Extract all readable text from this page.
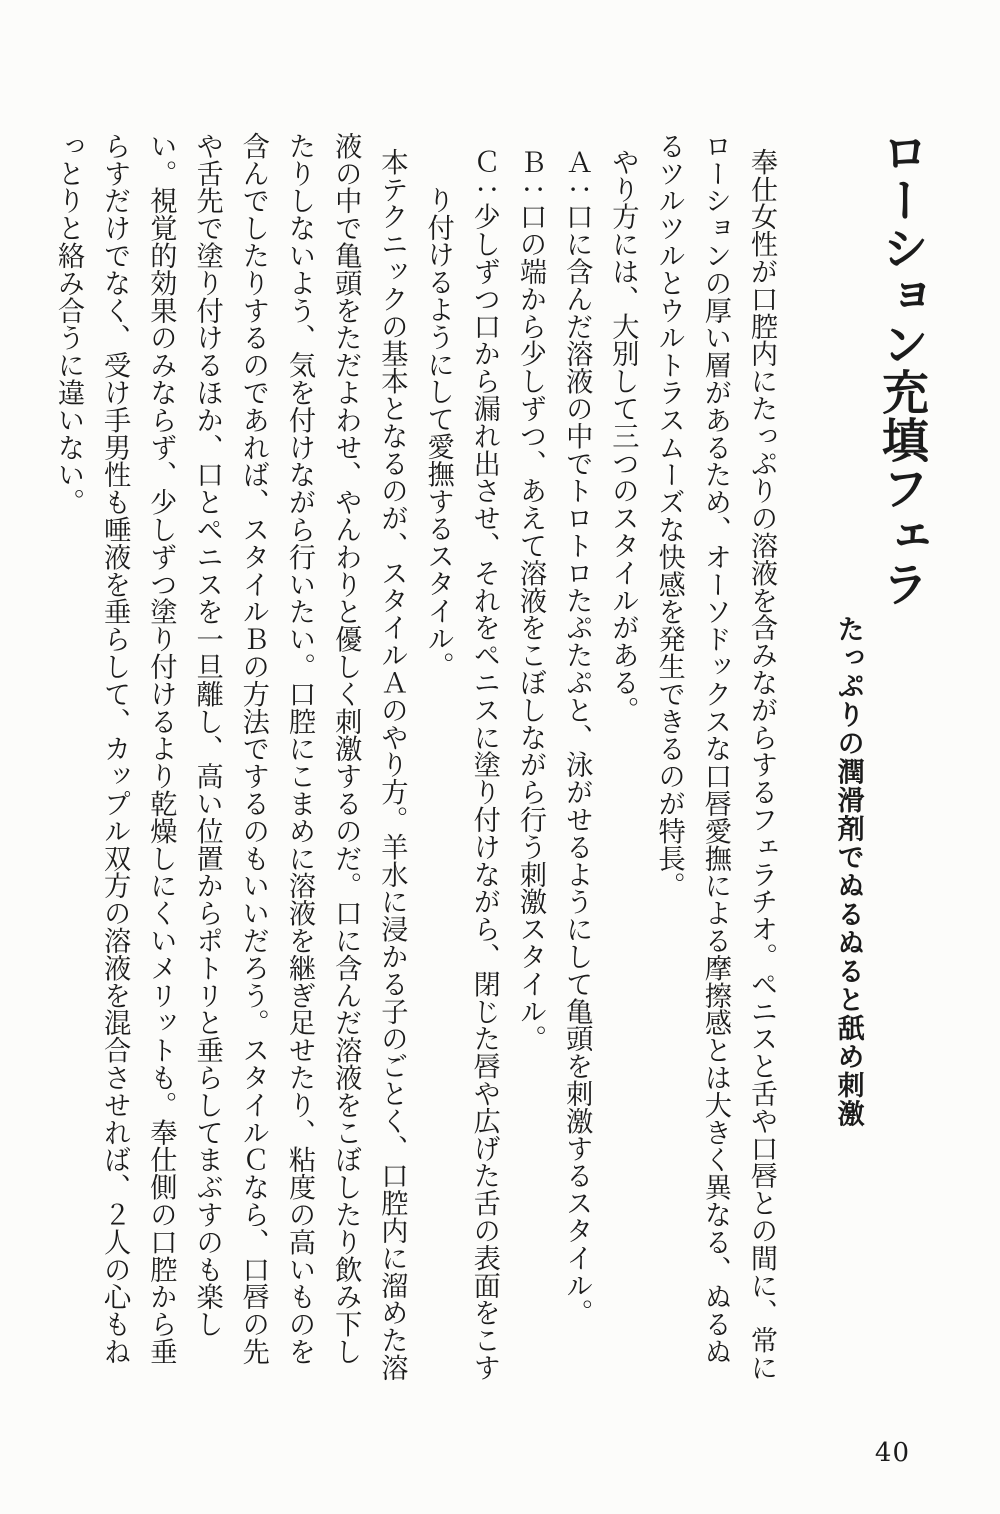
ローション充填フェラ
たっぷりの潤滑剤でぬるぬると舐め刺激

奉仕女性が口腔内にたっぷりの溶液を含みながらするフェラチオ。ペニスと舌や口唇との間に、常にローションの厚い層があるため、オーソドックスな口唇愛撫による摩擦感とは大きく異なる、ぬるぬるツルツルとウルトラスムーズな快感を発生できるのが特長。

やり方には、大別して三つのスタイルがある。

Ａ：口に含んだ溶液の中でトロトロたぷたぷと、泳がせるようにして亀頭を刺激するスタイル。

Ｂ：口の端から少しずつ、あえて溶液をこぼしながら行う刺激スタイル。

Ｃ：少しずつ口から漏れ出させ、それをペニスに塗り付けながら、閉じた唇や広げた舌の表面をこすり付けるようにして愛撫するスタイル。

本テクニックの基本となるのが、スタイルＡのやり方。羊水に浸かる子のごとく、口腔内に溜めた溶液の中で亀頭をただよわせ、やんわりと優しく刺激するのだ。口に含んだ溶液をこぼしたり飲み下したりしないよう、気を付けながら行いたい。口腔にこまめに溶液を継ぎ足せたり、粘度の高いものを含んでしたりするのであれば、スタイルＢの方法でするのもいいだろう。スタイルＣなら、口唇の先や舌先で塗り付けるほか、口とペニスを一旦離し、高い位置からポトリと垂らしてまぶすのも楽しい。視覚的効果のみならず、少しずつ塗り付けるより乾燥しにくいメリットも。奉仕側の口腔から垂らすだけでなく、受け手男性も唾液を垂らして、カップル双方の溶液を混合させれば、２人の心もねっとりと絡み合うに違いない。

40
